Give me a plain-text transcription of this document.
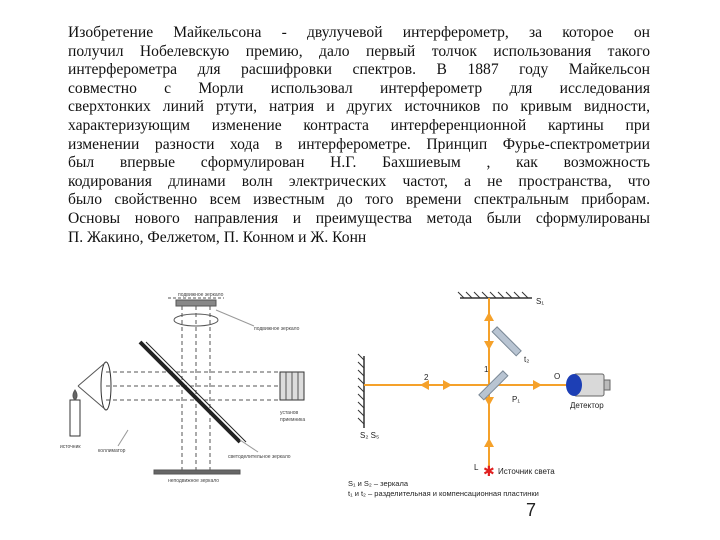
Изобретение Майкельсона - двулучевой интерферометр, за которое он
получил Нобелевскую премию, дало первый толчок использования такого
интерферометра для расшифровки спектров. В 1887 году Майкельсон
совместно с Морли использовал интерферометр для исследования
сверхтонких линий ртути, натрия и других источников по кривым видности,
характеризующим изменение контраста интерференционной картины при
изменении разности хода в интерферометре. Принцип Фурье-спектрометрии
был впервые сформулирован Н.Г. Бахшиевым , как возможность
кодирования длинами волн электрических частот, а не пространства, что
было свойственно всем известным до того времени спектральным приборам.
Основы нового направления и преимущества метода были сформулированы
П. Жакино, Фелжетом, П. Конном и Ж. Конн
подвижное зеркало
подвижное зеркало
установ
приемника
светоделительное зеркало
неподвижное зеркало
коллиматор
источник
✱
S₁
S₂ S₅
1
2	O
t₂
P₁
L Источник света
Детектор
S₁ и S₂ – зеркала
t₁ и t₂ – разделительная и компенсационная пластинки
7
